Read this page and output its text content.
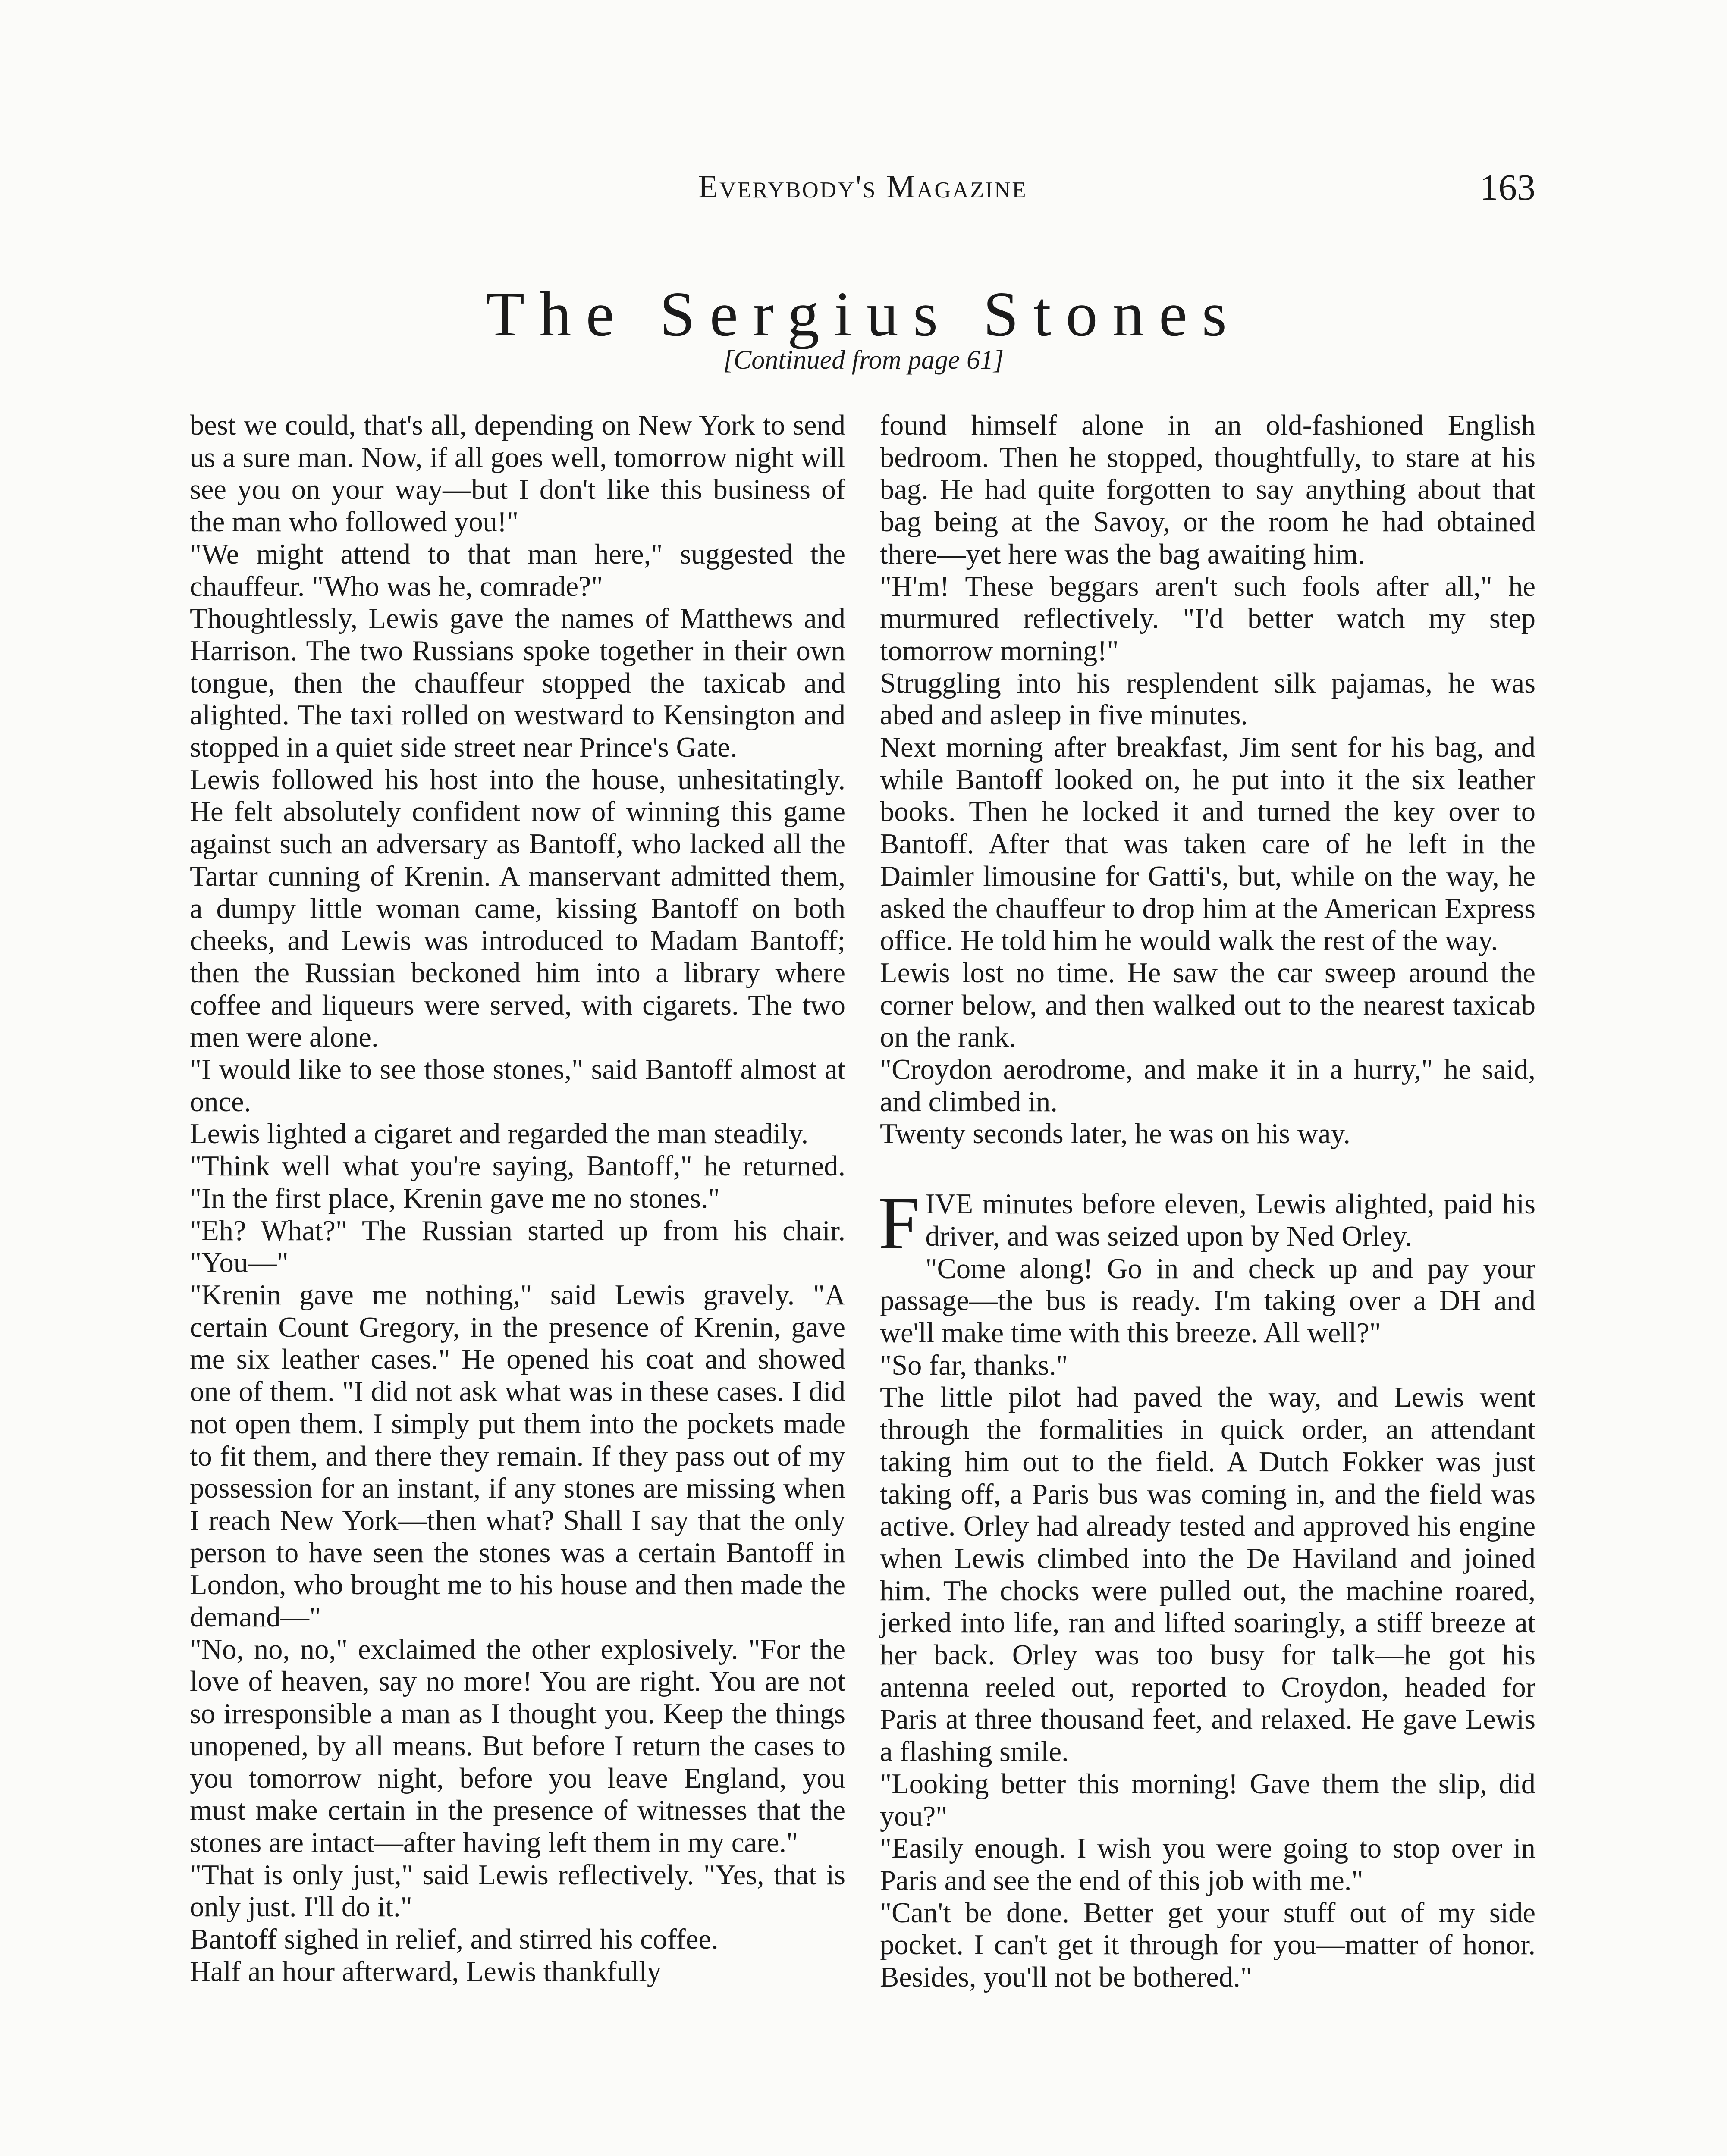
Everybody's Magazine	163
The Sergius Stones
[Continued from page 61]

best we could, that's all, depending on New York to send us a sure man. Now, if all goes well, tomorrow night will see you on your way—but I don't like this business of the man who followed you!"

"We might attend to that man here," suggested the chauffeur. "Who was he, comrade?"

Thoughtlessly, Lewis gave the names of Matthews and Harrison. The two Russians spoke together in their own tongue, then the chauffeur stopped the taxicab and alighted. The taxi rolled on westward to Kensington and stopped in a quiet side street near Prince's Gate.

Lewis followed his host into the house, unhesitatingly. He felt absolutely confident now of winning this game against such an adversary as Bantoff, who lacked all the Tartar cunning of Krenin. A manservant admitted them, a dumpy little woman came, kissing Bantoff on both cheeks, and Lewis was introduced to Madam Bantoff; then the Russian beckoned him into a library where coffee and liqueurs were served, with cigarets. The two men were alone.

"I would like to see those stones," said Bantoff almost at once.

Lewis lighted a cigaret and regarded the man steadily.

"Think well what you're saying, Bantoff," he returned. "In the first place, Krenin gave me no stones."

"Eh? What?" The Russian started up from his chair. "You—"

"Krenin gave me nothing," said Lewis gravely. "A certain Count Gregory, in the presence of Krenin, gave me six leather cases." He opened his coat and showed one of them. "I did not ask what was in these cases. I did not open them. I simply put them into the pockets made to fit them, and there they remain. If they pass out of my possession for an instant, if any stones are missing when I reach New York—then what? Shall I say that the only person to have seen the stones was a certain Bantoff in London, who brought me to his house and then made the demand—"

"No, no, no," exclaimed the other explosively. "For the love of heaven, say no more! You are right. You are not so irresponsible a man as I thought you. Keep the things unopened, by all means. But before I return the cases to you tomorrow night, before you leave England, you must make certain in the presence of witnesses that the stones are intact—after having left them in my care."

"That is only just," said Lewis reflectively. "Yes, that is only just. I'll do it."

Bantoff sighed in relief, and stirred his coffee.

Half an hour afterward, Lewis thankfully

found himself alone in an old-fashioned English bedroom. Then he stopped, thoughtfully, to stare at his bag. He had quite forgotten to say anything about that bag being at the Savoy, or the room he had obtained there—yet here was the bag awaiting him.

"H'm! These beggars aren't such fools after all," he murmured reflectively. "I'd better watch my step tomorrow morning!"

Struggling into his resplendent silk pajamas, he was abed and asleep in five minutes.

Next morning after breakfast, Jim sent for his bag, and while Bantoff looked on, he put into it the six leather books. Then he locked it and turned the key over to Bantoff. After that was taken care of he left in the Daimler limousine for Gatti's, but, while on the way, he asked the chauffeur to drop him at the American Express office. He told him he would walk the rest of the way.

Lewis lost no time. He saw the car sweep around the corner below, and then walked out to the nearest taxicab on the rank.

"Croydon aerodrome, and make it in a hurry," he said, and climbed in.

Twenty seconds later, he was on his way.

FIVE minutes before eleven, Lewis alighted, paid his driver, and was seized upon by Ned Orley.

"Come along! Go in and check up and pay your passage—the bus is ready. I'm taking over a DH and we'll make time with this breeze. All well?"

"So far, thanks."

The little pilot had paved the way, and Lewis went through the formalities in quick order, an attendant taking him out to the field. A Dutch Fokker was just taking off, a Paris bus was coming in, and the field was active. Orley had already tested and approved his engine when Lewis climbed into the De Haviland and joined him. The chocks were pulled out, the machine roared, jerked into life, ran and lifted soaringly, a stiff breeze at her back. Orley was too busy for talk—he got his antenna reeled out, reported to Croydon, headed for Paris at three thousand feet, and relaxed. He gave Lewis a flashing smile.

"Looking better this morning! Gave them the slip, did you?"

"Easily enough. I wish you were going to stop over in Paris and see the end of this job with me."

"Can't be done. Better get your stuff out of my side pocket. I can't get it through for you—matter of honor. Besides, you'll not be bothered."
